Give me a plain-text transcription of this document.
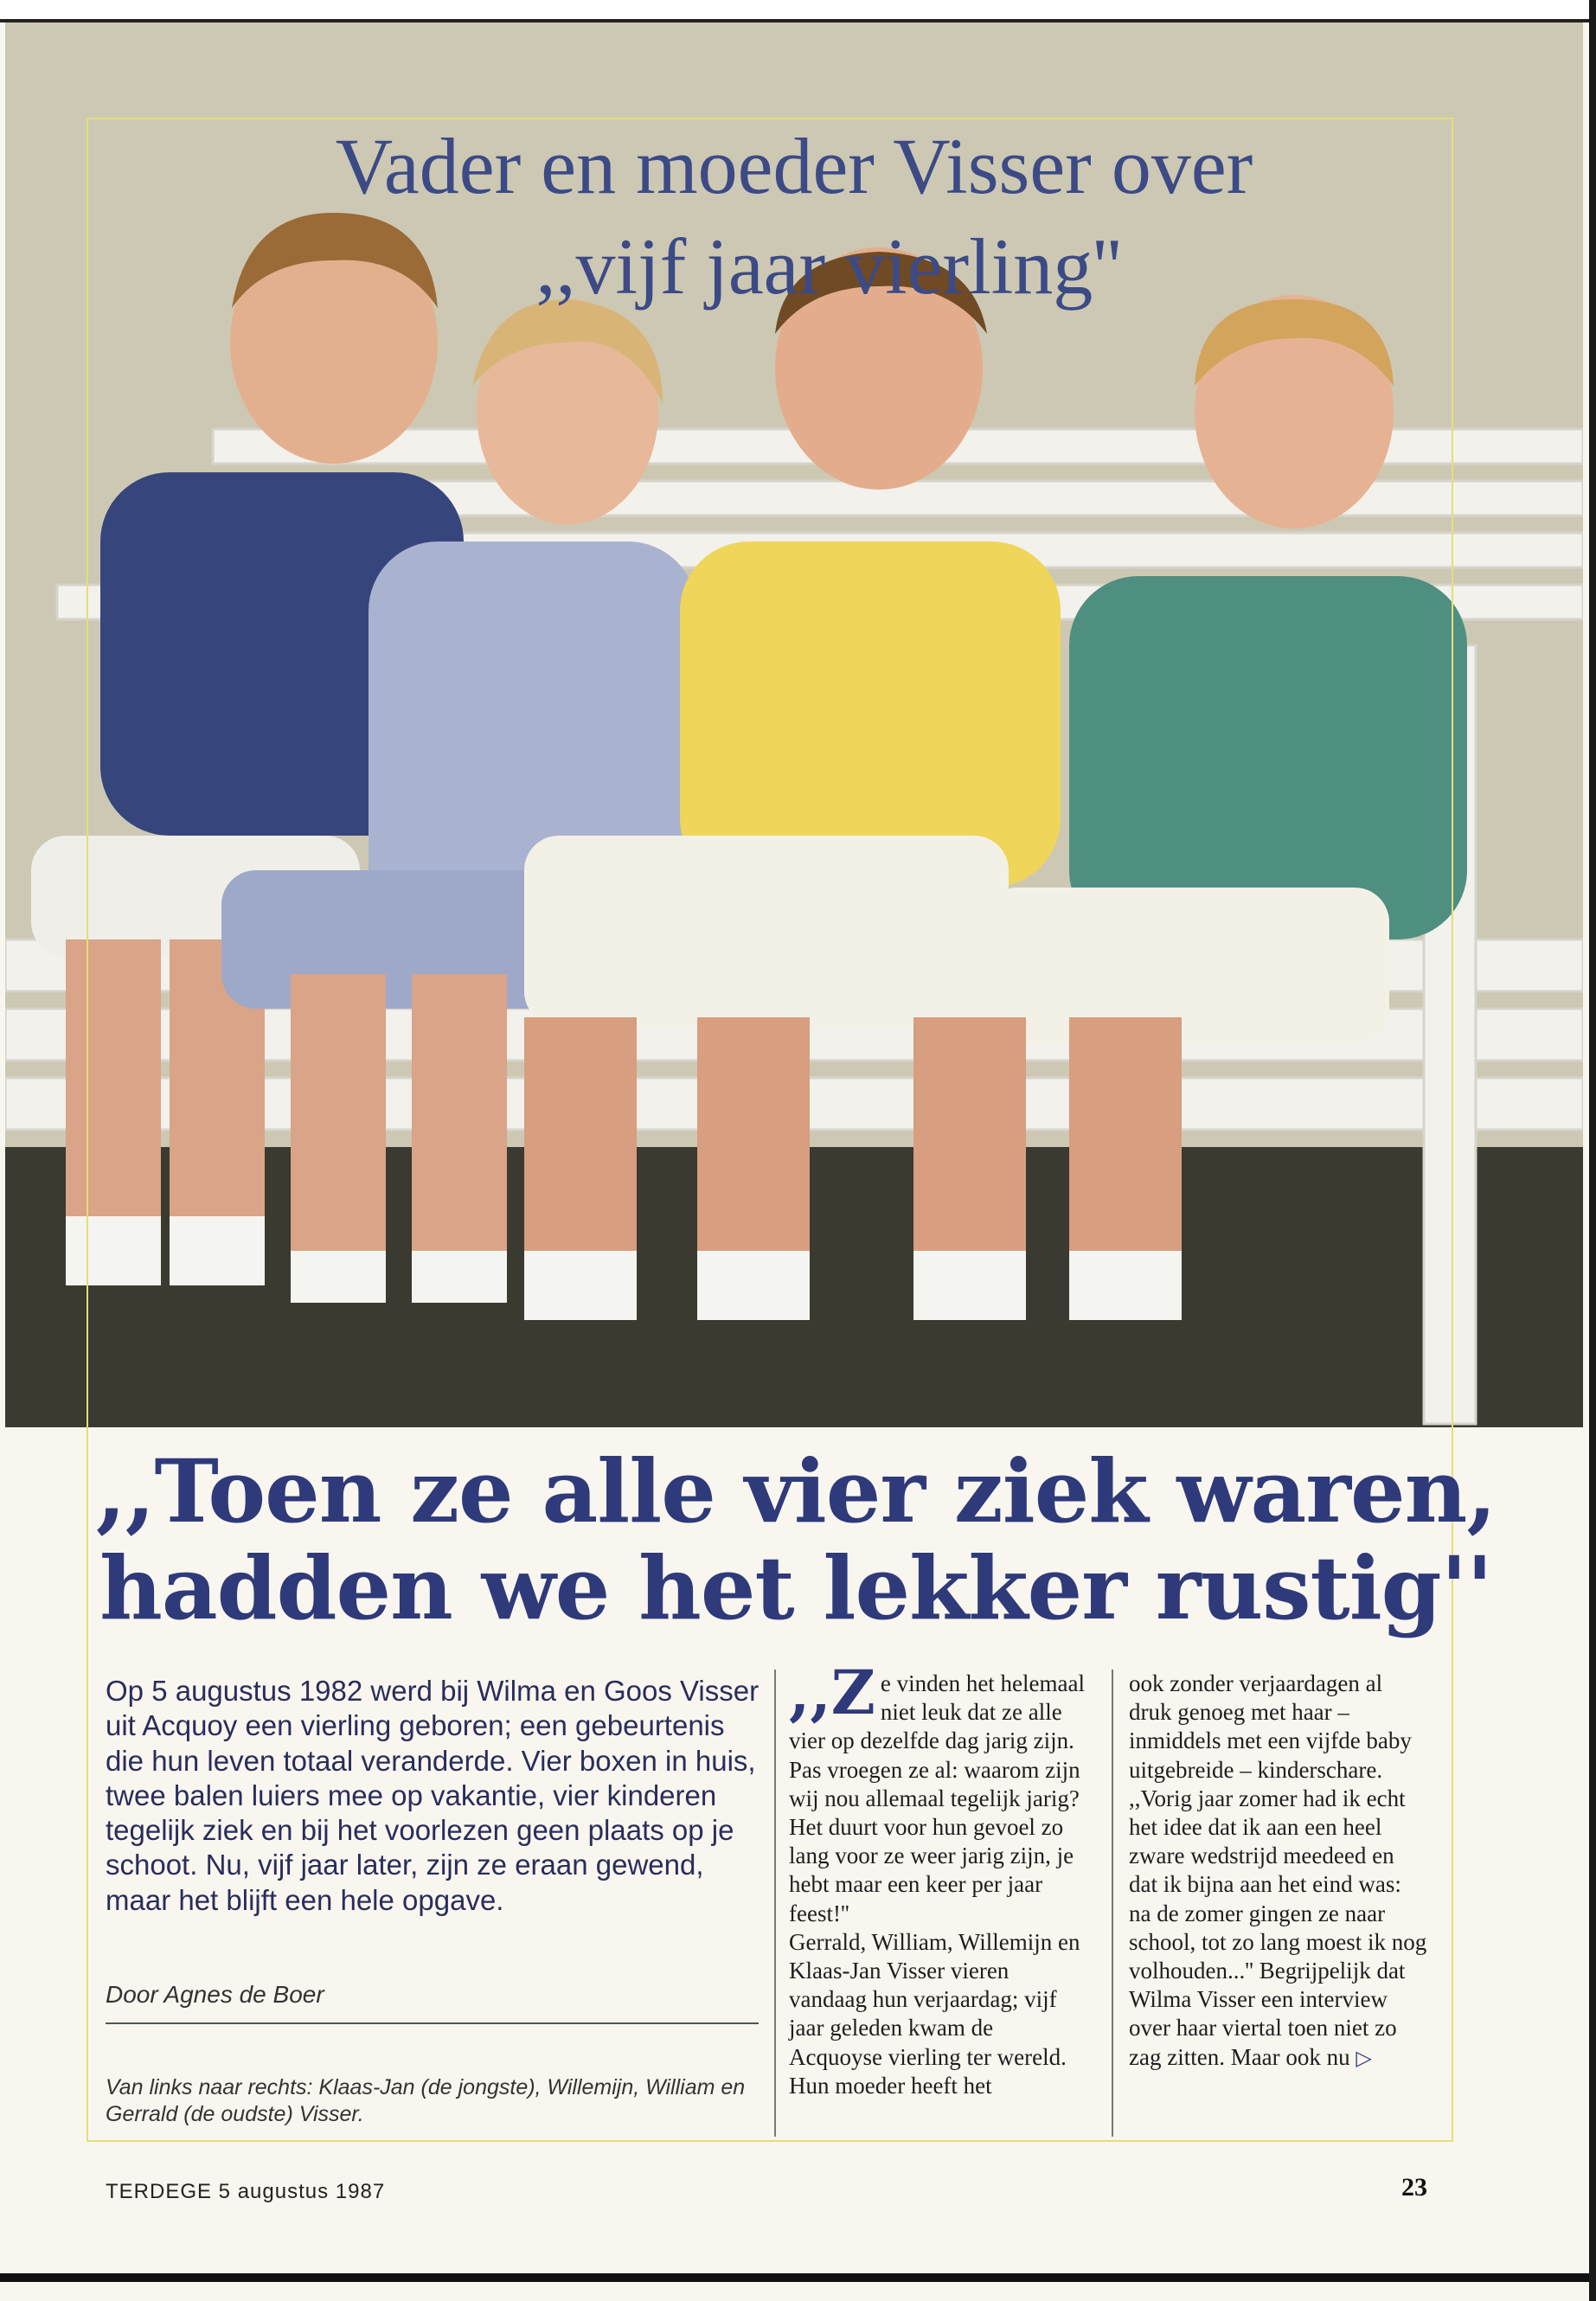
Vader en moeder Visser over
,,vijf jaar vierling''
,,Toen ze alle vier ziek waren,
hadden we het lekker rustig''
Op 5 augustus 1982 werd bij Wilma en Goos Visser uit Acquoy een vierling geboren; een gebeurtenis die hun leven totaal veranderde. Vier boxen in huis, twee balen luiers mee op vakantie, vier kinderen tegelijk ziek en bij het voorlezen geen plaats op je schoot. Nu, vijf jaar later, zijn ze eraan gewend, maar het blijft een hele opgave.
Door Agnes de Boer
Van links naar rechts: Klaas-Jan (de jongste), Willemijn, William en Gerrald (de oudste) Visser.

,,Z e vinden het helemaal niet leuk dat ze alle vier op dezelfde dag jarig zijn. Pas vroegen ze al: waarom zijn wij nou allemaal tegelijk jarig? Het duurt voor hun gevoel zo lang voor ze weer jarig zijn, je hebt maar een keer per jaar feest!''

Gerrald, William, Willemijn en Klaas-Jan Visser vieren vandaag hun verjaardag; vijf jaar geleden kwam de Acquoyse vierling ter wereld. Hun moeder heeft het

ook zonder verjaardagen al druk genoeg met haar – inmiddels met een vijfde baby uitgebreide – kinderschare.

,,Vorig jaar zomer had ik echt het idee dat ik aan een heel zware wedstrijd meedeed en dat ik bijna aan het eind was: na de zomer gingen ze naar school, tot zo lang moest ik nog volhouden...'' Begrijpelijk dat Wilma Visser een interview over haar viertal toen niet zo zag zitten. Maar ook nu ▷

TERDEGE 5 augustus 1987	23
